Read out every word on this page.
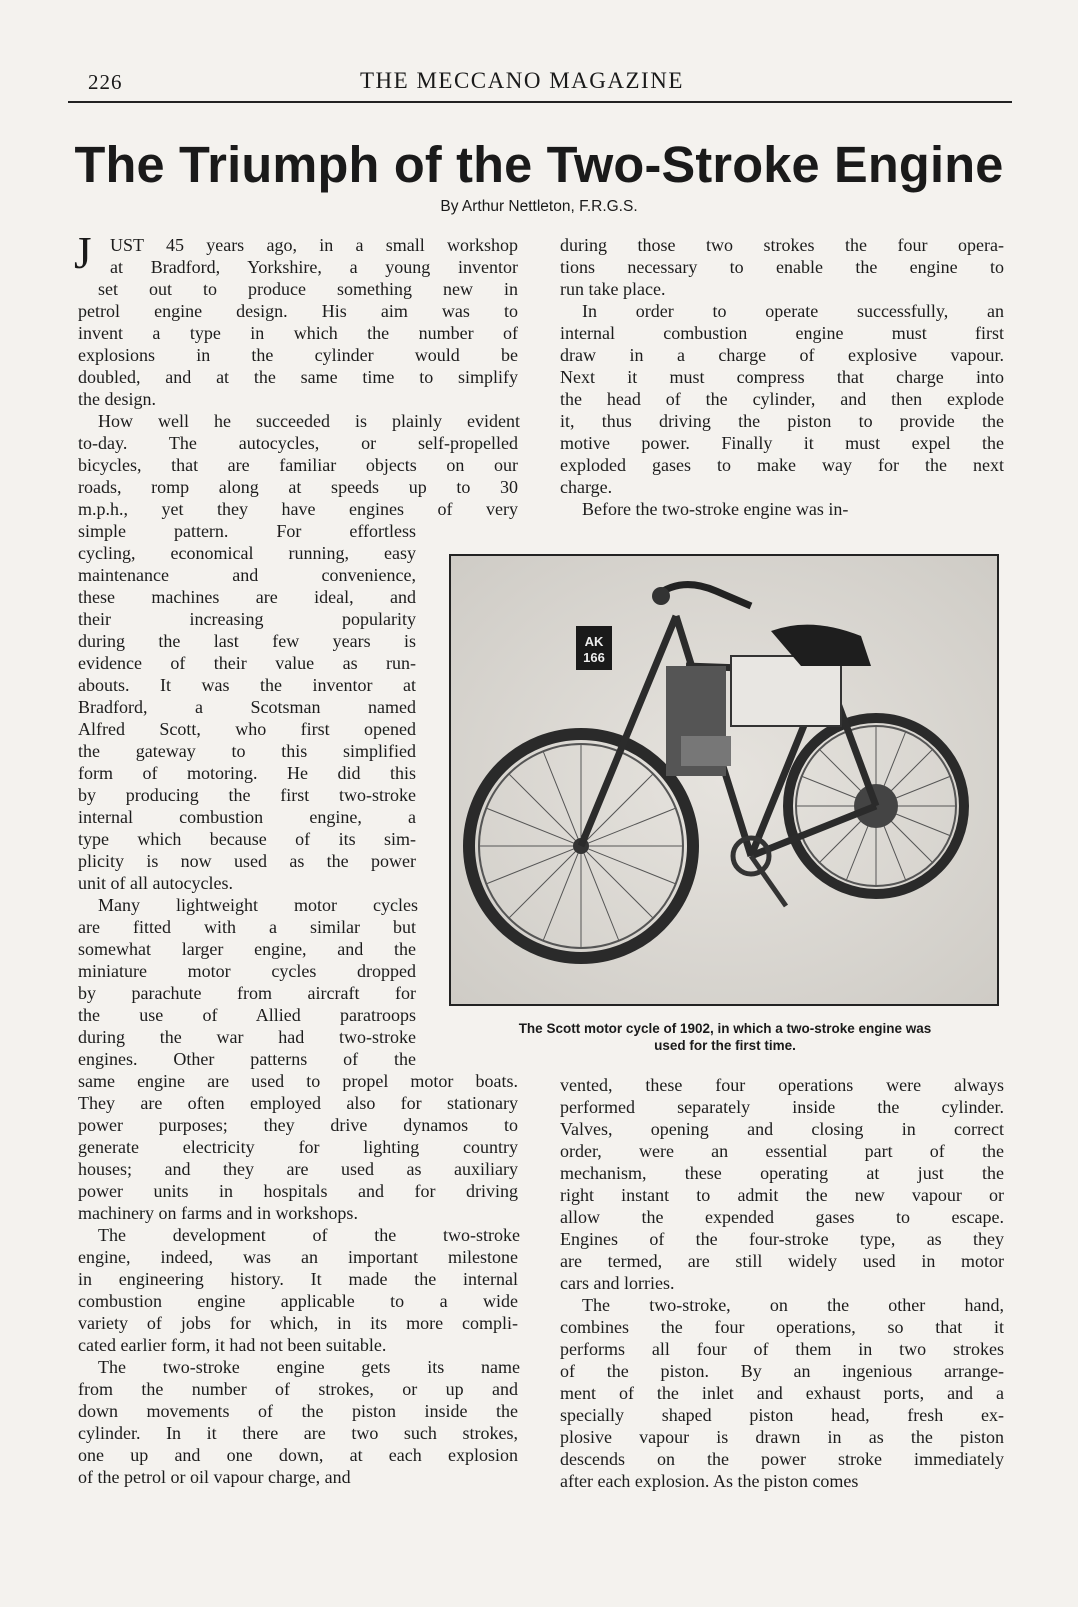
226	THE MECCANO MAGAZINE
The Triumph of the Two-Stroke Engine
By Arthur Nettleton, F.R.G.S.
J UST 45 years ago, in a small workshop
at Bradford, Yorkshire, a young inventor
set out to produce something new in
petrol engine design. His aim was to
invent a type in which the number of
explosions in the cylinder would be
doubled, and at the same time to simplify
the design.
How well he succeeded is plainly evident
to-day. The autocycles, or self-propelled
bicycles, that are familiar objects on our
roads, romp along at speeds up to 30
m.p.h., yet they have engines of very
simple pattern. For effortless
cycling, economical running, easy
maintenance and convenience,
these machines are ideal, and
their increasing popularity
during the last few years is
evidence of their value as run-
abouts. It was the inventor at
Bradford, a Scotsman named
Alfred Scott, who first opened
the gateway to this simplified
form of motoring. He did this
by producing the first two-stroke
internal combustion engine, a
type which because of its sim-
plicity is now used as the power
unit of all autocycles.
Many lightweight motor cycles
are fitted with a similar but
somewhat larger engine, and the
miniature motor cycles dropped
by parachute from aircraft for
the use of Allied paratroops
during the war had two-stroke
engines. Other patterns of the
same engine are used to propel motor boats.
They are often employed also for stationary
power purposes; they drive dynamos to
generate electricity for lighting country
houses; and they are used as auxiliary
power units in hospitals and for driving
machinery on farms and in workshops.
The development of the two-stroke
engine, indeed, was an important milestone
in engineering history. It made the internal
combustion engine applicable to a wide
variety of jobs for which, in its more compli-
cated earlier form, it had not been suitable.
The two-stroke engine gets its name
from the number of strokes, or up and
down movements of the piston inside the
cylinder. In it there are two such strokes,
one up and one down, at each explosion
of the petrol or oil vapour charge, and
during those two strokes the four opera-
tions necessary to enable the engine to
run take place.
In order to operate successfully, an
internal combustion engine must first
draw in a charge of explosive vapour.
Next it must compress that charge into
the head of the cylinder, and then explode
it, thus driving the piston to provide the
motive power. Finally it must expel the
exploded gases to make way for the next
charge.
Before the two-stroke engine was in-
vented, these four operations were always
performed separately inside the cylinder.
Valves, opening and closing in correct
order, were an essential part of the
mechanism, these operating at just the
right instant to admit the new vapour or
allow the expended gases to escape.
Engines of the four-stroke type, as they
are termed, are still widely used in motor
cars and lorries.
The two-stroke, on the other hand,
combines the four operations, so that it
performs all four of them in two strokes
of the piston. By an ingenious arrange-
ment of the inlet and exhaust ports, and a
specially shaped piston head, fresh ex-
plosive vapour is drawn in as the piston
descends on the power stroke immediately
after each explosion. As the piston comes
AK
166
The Scott motor cycle of 1902, in which a two-stroke engine was
used for the first time.
